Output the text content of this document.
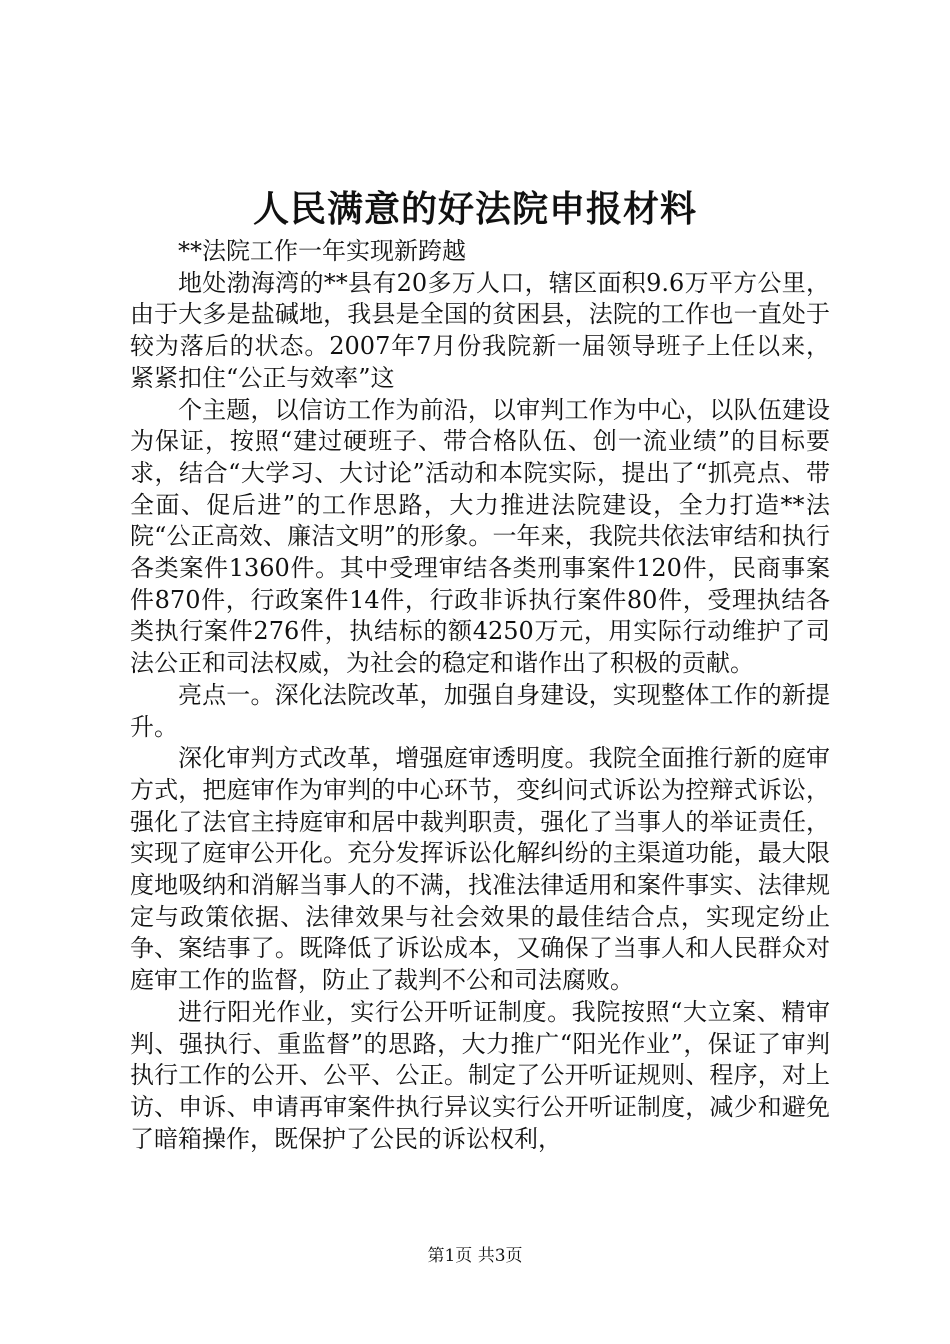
人民满意的好法院申报材料

**法院工作一年实现新跨越

地处渤海湾的**县有20多万人口，辖区面积9.6万平方公里，由于大多是盐碱地，我县是全国的贫困县，法院的工作也一直处于较为落后的状态。2007年7月份我院新一届领导班子上任以来，紧紧扣住“公正与效率”这

个主题，以信访工作为前沿，以审判工作为中心，以队伍建设为保证，按照“建过硬班子、带合格队伍、创一流业绩”的目标要求，结合“大学习、大讨论”活动和本院实际，提出了“抓亮点、带全面、促后进”的工作思路，大力推进法院建设，全力打造**法院“公正高效、廉洁文明”的形象。一年来，我院共依法审结和执行各类案件1360件。其中受理审结各类刑事案件120件，民商事案件870件，行政案件14件，行政非诉执行案件80件，受理执结各类执行案件276件，执结标的额4250万元，用实际行动维护了司法公正和司法权威，为社会的稳定和谐作出了积极的贡献。

亮点一。深化法院改革，加强自身建设，实现整体工作的新提升。

深化审判方式改革，增强庭审透明度。我院全面推行新的庭审方式，把庭审作为审判的中心环节，变纠问式诉讼为控辩式诉讼，强化了法官主持庭审和居中裁判职责，强化了当事人的举证责任，实现了庭审公开化。充分发挥诉讼化解纠纷的主渠道功能，最大限度地吸纳和消解当事人的不满，找准法律适用和案件事实、法律规定与政策依据、法律效果与社会效果的最佳结合点，实现定纷止争、案结事了。既降低了诉讼成本，又确保了当事人和人民群众对庭审工作的监督，防止了裁判不公和司法腐败。

进行阳光作业，实行公开听证制度。我院按照“大立案、精审判、强执行、重监督”的思路，大力推广“阳光作业”，保证了审判执行工作的公开、公平、公正。制定了公开听证规则、程序，对上访、申诉、申请再审案件执行异议实行公开听证制度，减少和避免了暗箱操作，既保护了公民的诉讼权利，

第1页 共3页
